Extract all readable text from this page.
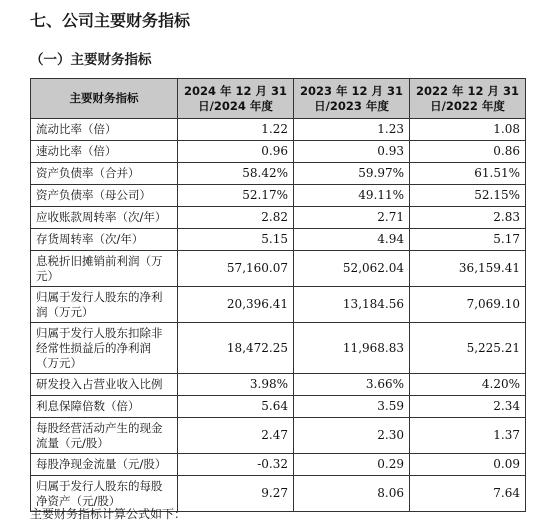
七、公司主要财务指标
（一）主要财务指标
主要财务指标	2024 年 12 月 31 日/2024 年度	2023 年 12 月 31 日/2023 年度	2022 年 12 月 31 日/2022 年度
流动比率（倍）	1.22	1.23	1.08
速动比率（倍）	0.96	0.93	0.86
资产负债率（合并）	58.42%	59.97%	61.51%
资产负债率（母公司）	52.17%	49.11%	52.15%
应收账款周转率（次/年）	2.82	2.71	2.83
存货周转率（次/年）	5.15	4.94	5.17
息税折旧摊销前利润（万元）	57,160.07	52,062.04	36,159.41
归属于发行人股东的净利润（万元）	20,396.41	13,184.56	7,069.10
归属于发行人股东扣除非经常性损益后的净利润（万元）	18,472.25	11,968.83	5,225.21
研发投入占营业收入比例	3.98%	3.66%	4.20%
利息保障倍数（倍）	5.64	3.59	2.34
每股经营活动产生的现金流量（元/股）	2.47	2.30	1.37
每股净现金流量（元/股）	-0.32	0.29	0.09
归属于发行人股东的每股净资产（元/股）	9.27	8.06	7.64
主要财务指标计算公式如下：
